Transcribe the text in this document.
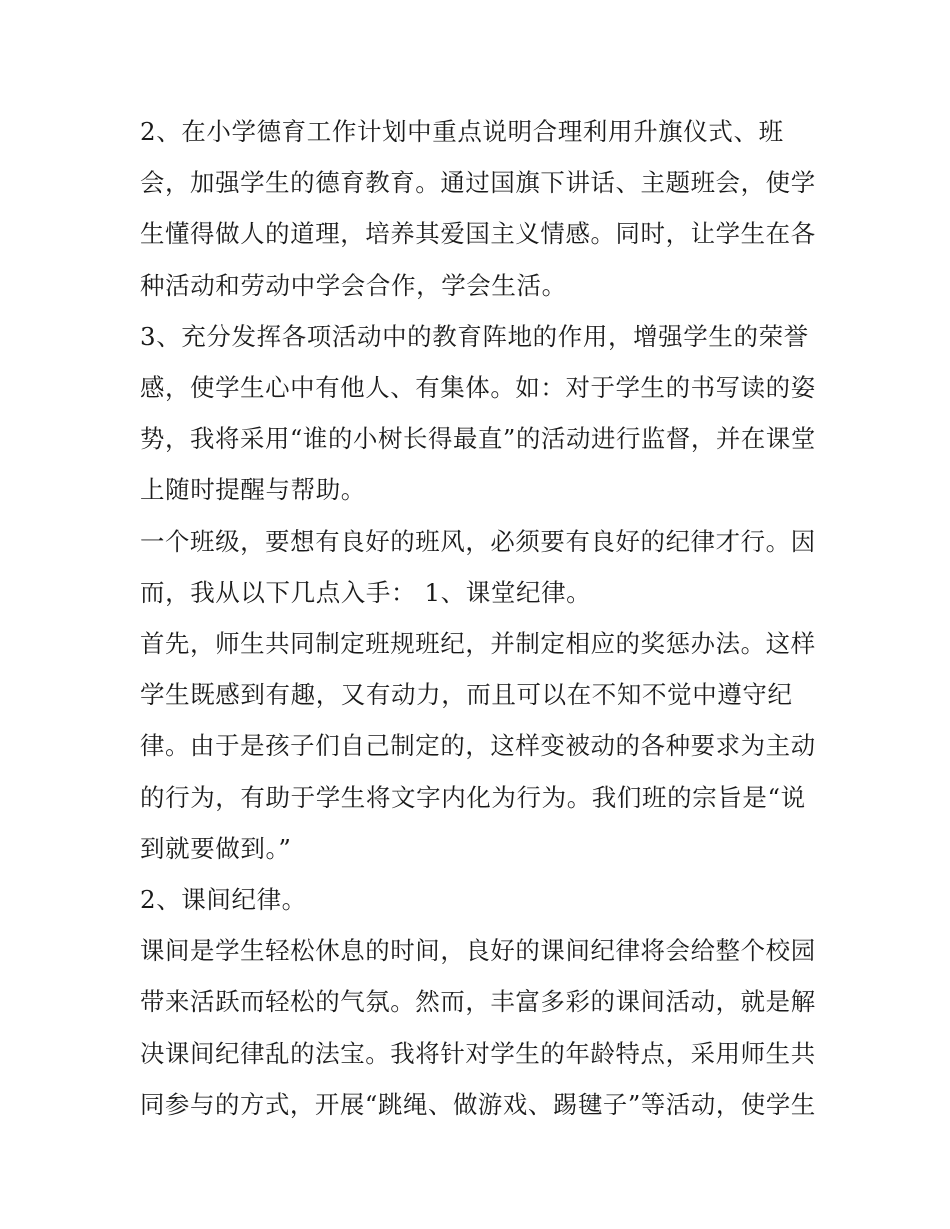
2、在小学德育工作计划中重点说明合理利用升旗仪式、班
会，加强学生的德育教育。通过国旗下讲话、主题班会，使学
生懂得做人的道理，培养其爱国主义情感。同时，让学生在各
种活动和劳动中学会合作，学会生活。

3、充分发挥各项活动中的教育阵地的作用，增强学生的荣誉
感，使学生心中有他人、有集体。如：对于学生的书写读的姿
势，我将采用“谁的小树长得最直”的活动进行监督，并在课堂
上随时提醒与帮助。

一个班级，要想有良好的班风，必须要有良好的纪律才行。因
而，我从以下几点入手： 1、课堂纪律。

首先，师生共同制定班规班纪，并制定相应的奖惩办法。这样
学生既感到有趣，又有动力，而且可以在不知不觉中遵守纪
律。由于是孩子们自己制定的，这样变被动的各种要求为主动
的行为，有助于学生将文字内化为行为。我们班的宗旨是“说
到就要做到。”

2、课间纪律。

课间是学生轻松休息的时间，良好的课间纪律将会给整个校园
带来活跃而轻松的气氛。然而，丰富多彩的课间活动，就是解
决课间纪律乱的法宝。我将针对学生的年龄特点，采用师生共
同参与的方式，开展“跳绳、做游戏、踢毽子”等活动，使学生
